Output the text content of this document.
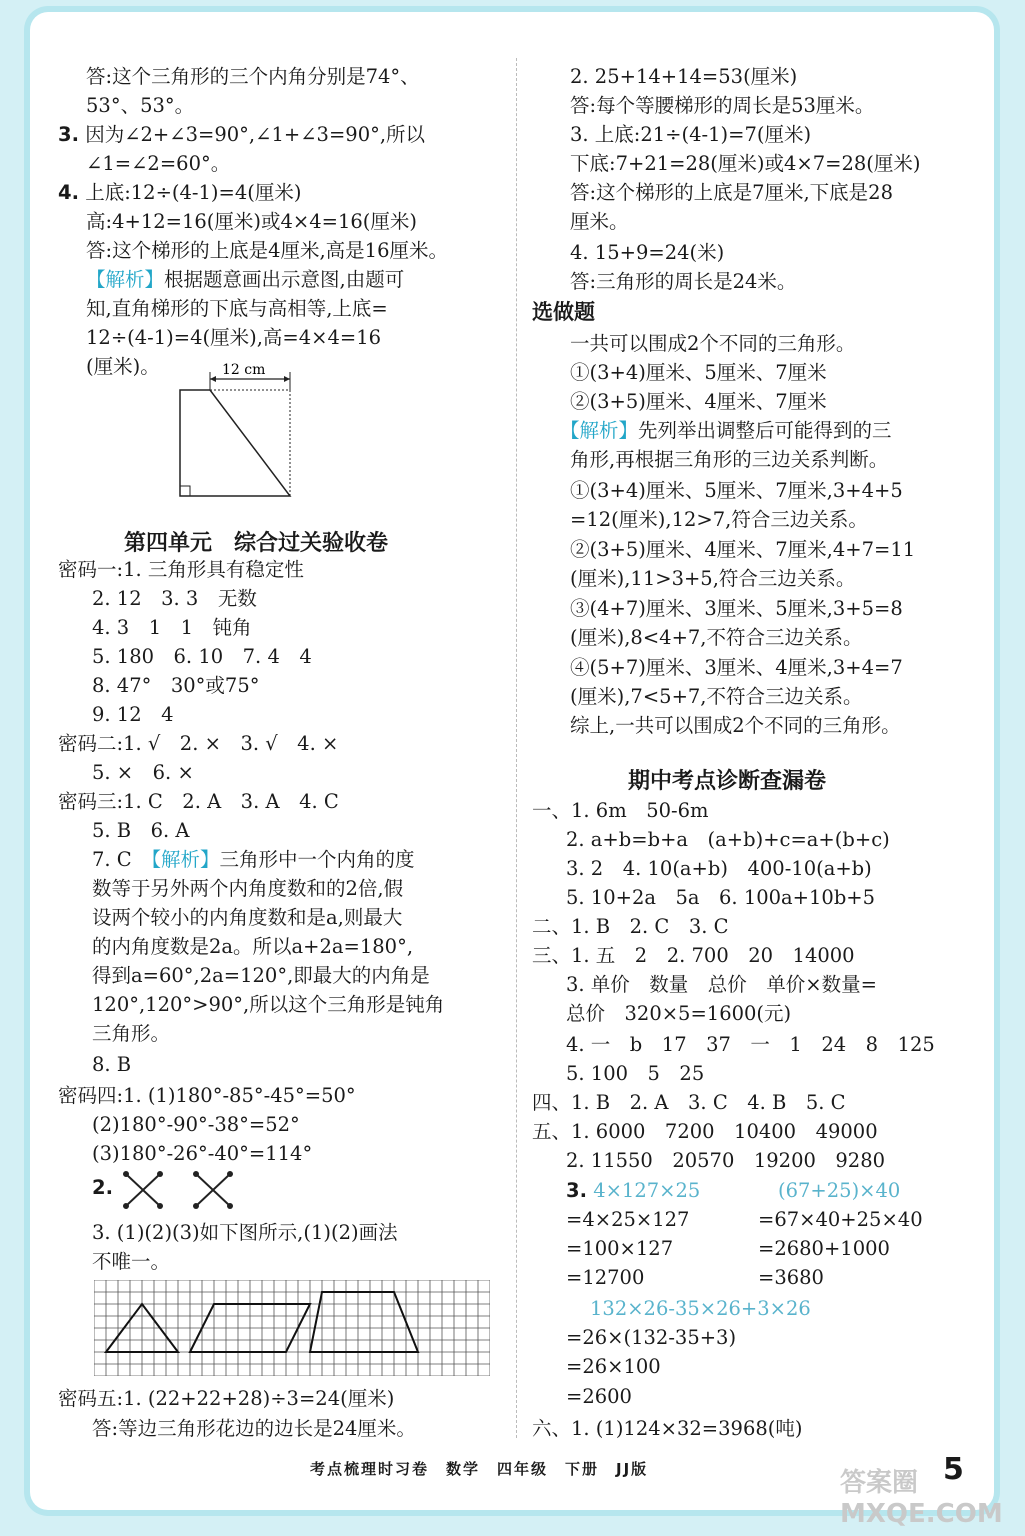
答:这个三角形的三个内角分别是74°、
53°、53°。
3. 因为∠2+∠3=90°,∠1+∠3=90°,所以
∠1=∠2=60°。
4. 上底:12÷(4-1)=4(厘米)
高:4+12=16(厘米)或4×4=16(厘米)
答:这个梯形的上底是4厘米,高是16厘米。
【解析】根据题意画出示意图,由题可
知,直角梯形的下底与高相等,上底=
12÷(4-1)=4(厘米),高=4×4=16
(厘米)。	12 cm
第四单元　综合过关验收卷
密码一:1. 三角形具有稳定性
2. 12　3. 3　无数
4. 3　1　1　钝角
5. 180　6. 10　7. 4　4
8. 47°　30°或75°
9. 12　4
密码二:1. √　2. ×　3. √　4. ×
5. ×　6. ×
密码三:1. C　2. A　3. A　4. C
5. B　6. A
7. C　 【解析】三角形中一个内角的度
数等于另外两个内角度数和的2倍,假
设两个较小的内角度数和是a,则最大
的内角度数是2a。所以a+2a=180°,
得到a=60°,2a=120°,即最大的内角是
120°,120°>90°,所以这个三角形是钝角
三角形。
8. B
密码四:1. (1)180°-85°-45°=50°
(2)180°-90°-38°=52°
(3)180°-26°-40°=114°
2.
3. (1)(2)(3)如下图所示,(1)(2)画法
不唯一。
密码五:1. (22+22+28)÷3=24(厘米)
答:等边三角形花边的边长是24厘米。
2. 25+14+14=53(厘米)
答:每个等腰梯形的周长是53厘米。
3. 上底:21÷(4-1)=7(厘米)
下底:7+21=28(厘米)或4×7=28(厘米)
答:这个梯形的上底是7厘米,下底是28
厘米。
4. 15+9=24(米)
答:三角形的周长是24米。
选做题
一共可以围成2个不同的三角形。
①(3+4)厘米、5厘米、7厘米
②(3+5)厘米、4厘米、7厘米
【解析】先列举出调整后可能得到的三
角形,再根据三角形的三边关系判断。
①(3+4)厘米、5厘米、7厘米,3+4+5
=12(厘米),12>7,符合三边关系。
②(3+5)厘米、4厘米、7厘米,4+7=11
(厘米),11>3+5,符合三边关系。
③(4+7)厘米、3厘米、5厘米,3+5=8
(厘米),8<4+7,不符合三边关系。
④(5+7)厘米、3厘米、4厘米,3+4=7
(厘米),7<5+7,不符合三边关系。
综上,一共可以围成2个不同的三角形。
期中考点诊断查漏卷
一、1. 6m　50-6m
2. a+b=b+a　(a+b)+c=a+(b+c)
3. 2　4. 10(a+b)　400-10(a+b)
5. 10+2a　5a　6. 100a+10b+5
二、1. B　2. C　3. C
三、1. 五　2　2. 700　20　14000
3. 单价　数量　总价　单价×数量=
总价　320×5=1600(元)
4. 一　b　17　37　一　1　24　8　125
5. 100　5　25
四、1. B　2. A　3. C　4. B　5. C
五、1. 6000　7200　10400　49000
2. 11550　20570　19200　9280
3. 4×127×25	(67+25)×40
=4×25×127	=67×40+25×40
=100×127	=2680+1000
=12700	=3680
132×26-35×26+3×26
=26×(132-35+3)
=26×100
=2600
六、1. (1)124×32=3968(吨)
考点梳理时习卷　数学　四年级　下册　JJ版	答案圈 MXQE.COM
5
